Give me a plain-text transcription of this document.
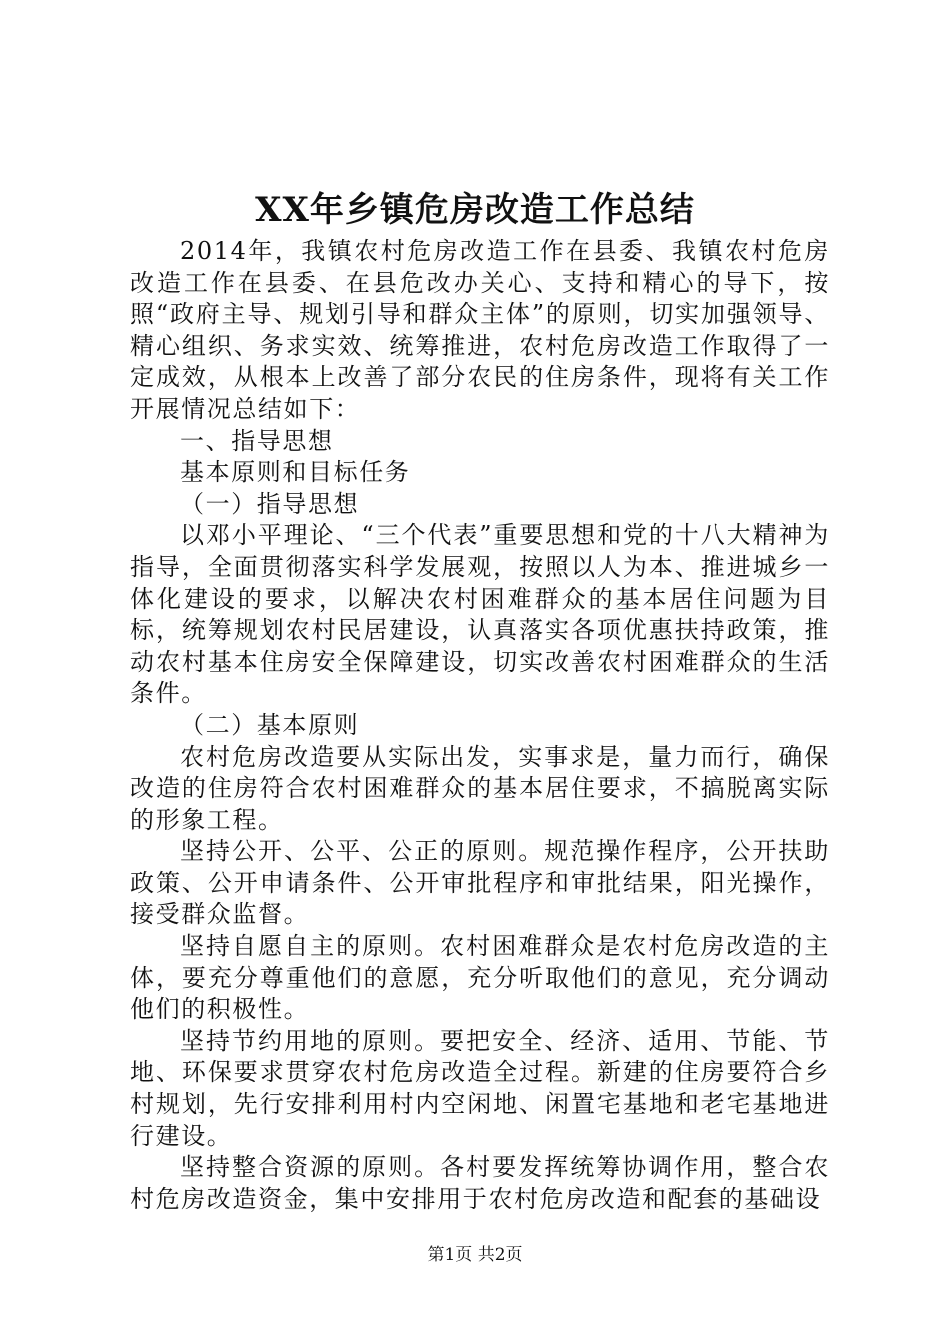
XX年乡镇危房改造工作总结

2014年，我镇农村危房改造工作在县委、我镇农村危房改造工作在县委、在县危改办关心、支持和精心的导下，按照“政府主导、规划引导和群众主体”的原则，切实加强领导、精心组织、务求实效、统筹推进，农村危房改造工作取得了一定成效，从根本上改善了部分农民的住房条件，现将有关工作开展情况总结如下：

一、指导思想

基本原则和目标任务

（一）指导思想

以邓小平理论、“三个代表”重要思想和党的十八大精神为指导，全面贯彻落实科学发展观，按照以人为本、推进城乡一体化建设的要求，以解决农村困难群众的基本居住问题为目标，统筹规划农村民居建设，认真落实各项优惠扶持政策，推动农村基本住房安全保障建设，切实改善农村困难群众的生活条件。

（二）基本原则

农村危房改造要从实际出发，实事求是，量力而行，确保改造的住房符合农村困难群众的基本居住要求，不搞脱离实际的形象工程。

坚持公开、公平、公正的原则。规范操作程序，公开扶助政策、公开申请条件、公开审批程序和审批结果，阳光操作，接受群众监督。

坚持自愿自主的原则。农村困难群众是农村危房改造的主体，要充分尊重他们的意愿，充分听取他们的意见，充分调动他们的积极性。

坚持节约用地的原则。要把安全、经济、适用、节能、节地、环保要求贯穿农村危房改造全过程。新建的住房要符合乡村规划，先行安排利用村内空闲地、闲置宅基地和老宅基地进行建设。

坚持整合资源的原则。各村要发挥统筹协调作用，整合农村危房改造资金，集中安排用于农村危房改造和配套的基础设

第1页 共2页
